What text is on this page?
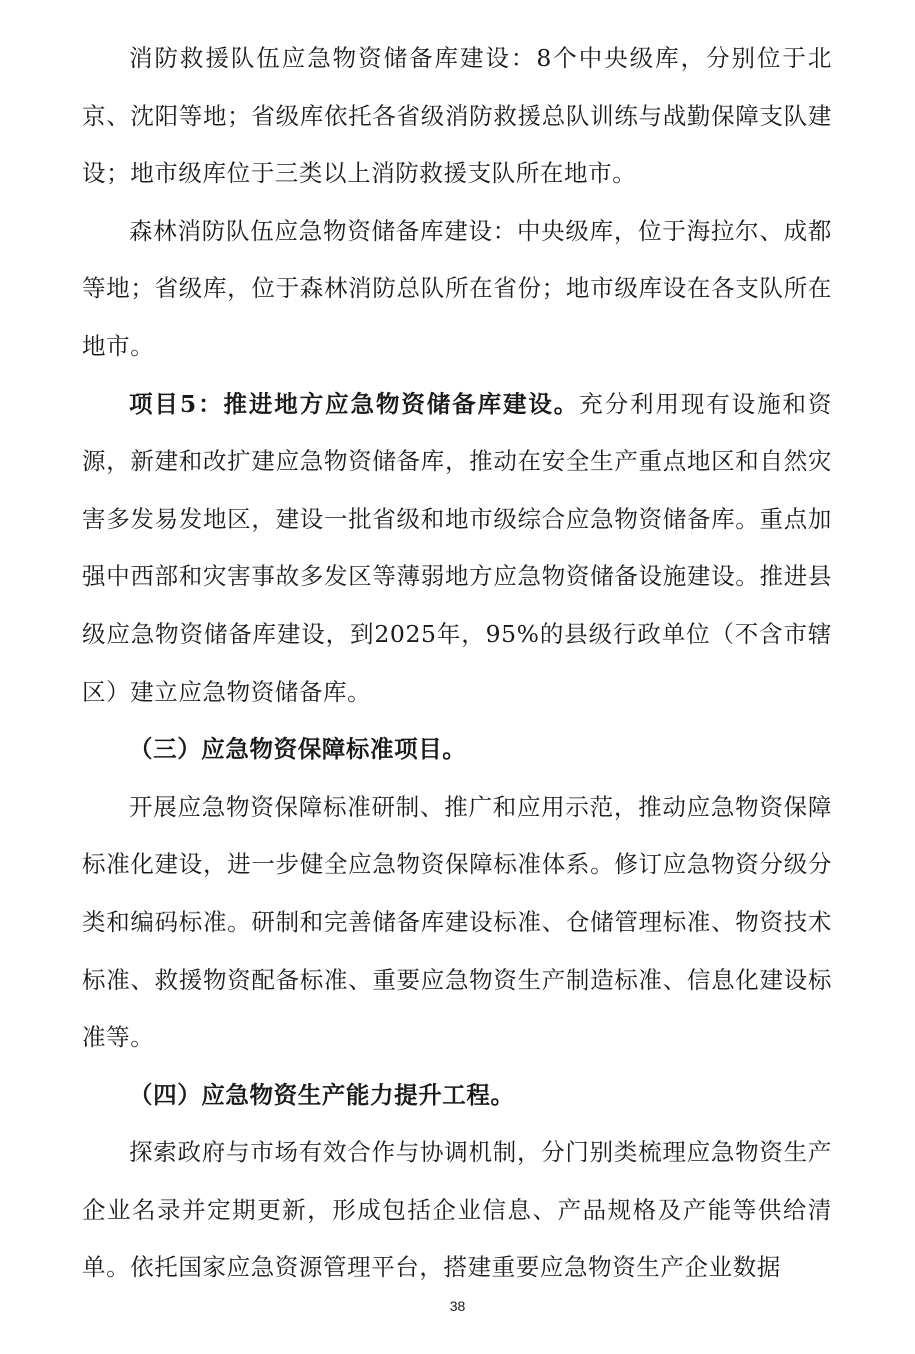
消防救援队伍应急物资储备库建设：8个中央级库，分别位于北京、沈阳等地；省级库依托各省级消防救援总队训练与战勤保障支队建设；地市级库位于三类以上消防救援支队所在地市。

森林消防队伍应急物资储备库建设：中央级库，位于海拉尔、成都等地；省级库，位于森林消防总队所在省份；地市级库设在各支队所在地市。

项目5：推进地方应急物资储备库建设。充分利用现有设施和资源，新建和改扩建应急物资储备库，推动在安全生产重点地区和自然灾害多发易发地区，建设一批省级和地市级综合应急物资储备库。重点加强中西部和灾害事故多发区等薄弱地方应急物资储备设施建设。推进县级应急物资储备库建设，到2025年，95%的县级行政单位（不含市辖区）建立应急物资储备库。

（三）应急物资保障标准项目。

开展应急物资保障标准研制、推广和应用示范，推动应急物资保障标准化建设，进一步健全应急物资保障标准体系。修订应急物资分级分类和编码标准。研制和完善储备库建设标准、仓储管理标准、物资技术标准、救援物资配备标准、重要应急物资生产制造标准、信息化建设标准等。

（四）应急物资生产能力提升工程。

探索政府与市场有效合作与协调机制，分门别类梳理应急物资生产企业名录并定期更新，形成包括企业信息、产品规格及产能等供给清单。依托国家应急资源管理平台，搭建重要应急物资生产企业数据

38
